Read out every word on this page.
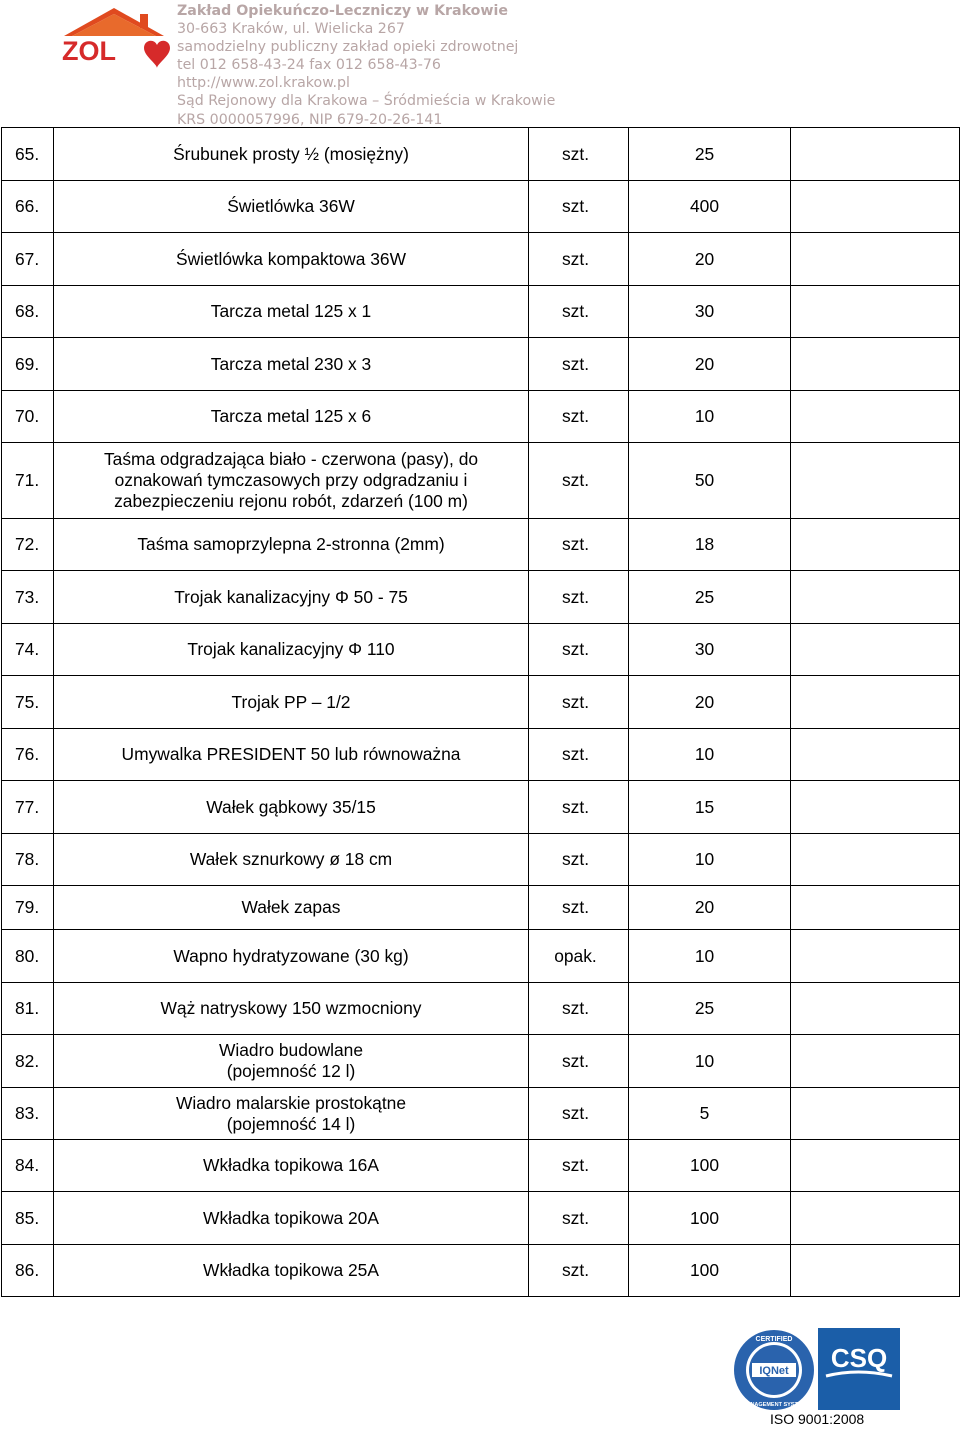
ZOL
Zakład Opiekuńczo-Leczniczy w Krakowie
30-663 Kraków, ul. Wielicka 267
samodzielny publiczny zakład opieki zdrowotnej
tel 012 658-43-24 fax 012 658-43-76
http://www.zol.krakow.pl
Sąd Rejonowy dla Krakowa – Śródmieścia w Krakowie
KRS 0000057996, NIP 679-20-26-141
65.	Śrubunek prosty ½ (mosiężny)	szt.	25	
66.	Świetlówka 36W	szt.	400	
67.	Świetlówka kompaktowa 36W	szt.	20	
68.	Tarcza metal 125 x 1	szt.	30	
69.	Tarcza metal 230 x 3	szt.	20	
70.	Tarcza metal 125 x 6	szt.	10	
71.	Taśma odgradzająca biało - czerwona (pasy), do oznakowań tymczasowych przy odgradzaniu i zabezpieczeniu rejonu robót, zdarzeń (100 m)	szt.	50	
72.	Taśma samoprzylepna 2-stronna (2mm)	szt.	18	
73.	Trojak kanalizacyjny Φ 50 - 75	szt.	25	
74.	Trojak kanalizacyjny Φ 110	szt.	30	
75.	Trojak PP – 1/2	szt.	20	
76.	Umywalka PRESIDENT 50 lub równoważna	szt.	10	
77.	Wałek gąbkowy 35/15	szt.	15	
78.	Wałek sznurkowy ø 18 cm	szt.	10	
79.	Wałek zapas	szt.	20	
80.	Wapno hydratyzowane (30 kg)	opak.	10	
81.	Wąż natryskowy 150 wzmocniony	szt.	25	
82.	Wiadro budowlane (pojemność 12 l)	szt.	10	
83.	Wiadro malarskie prostokątne (pojemność 14 l)	szt.	5	
84.	Wkładka topikowa 16A	szt.	100	
85.	Wkładka topikowa 20A	szt.	100	
86.	Wkładka topikowa 25A	szt.	100	
IQNet
CERTIFIED
MANAGEMENT SYSTEM
CSQ
ISO 9001:2008
